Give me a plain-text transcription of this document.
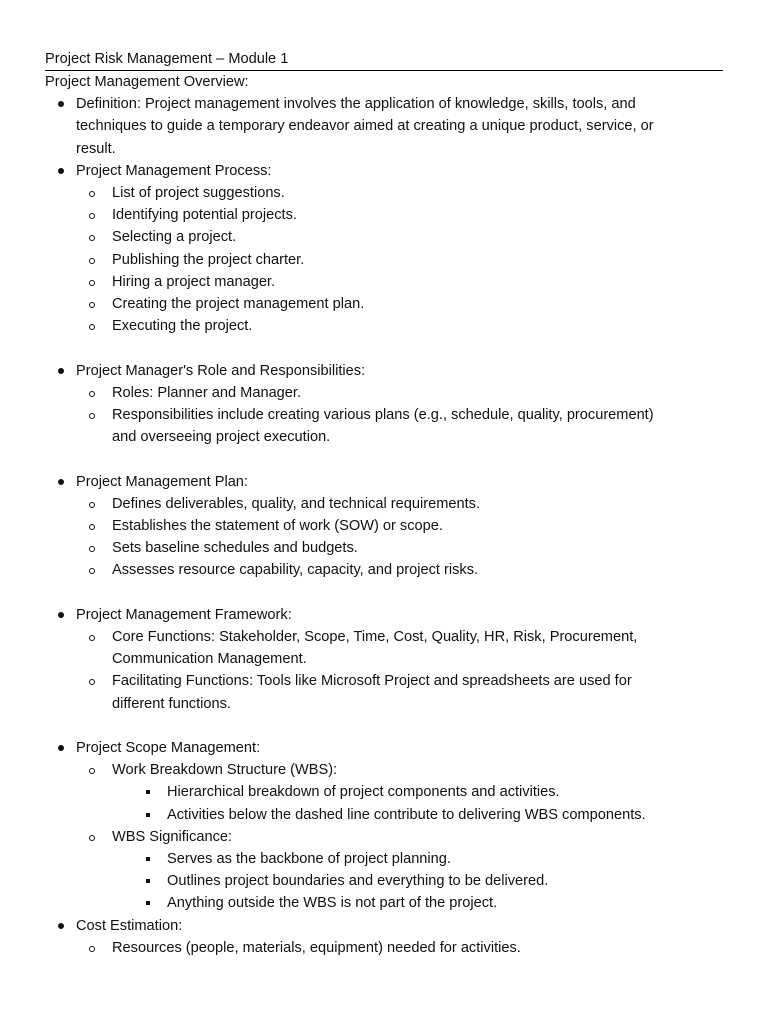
Project Risk Management – Module 1
Project Management Overview:
Definition: Project management involves the application of knowledge, skills, tools, and
techniques to guide a temporary endeavor aimed at creating a unique product, service, or
result.
Project Management Process:
List of project suggestions.
Identifying potential projects.
Selecting a project.
Publishing the project charter.
Hiring a project manager.
Creating the project management plan.
Executing the project.
Project Manager's Role and Responsibilities:
Roles: Planner and Manager.
Responsibilities include creating various plans (e.g., schedule, quality, procurement)
and overseeing project execution.
Project Management Plan:
Defines deliverables, quality, and technical requirements.
Establishes the statement of work (SOW) or scope.
Sets baseline schedules and budgets.
Assesses resource capability, capacity, and project risks.
Project Management Framework:
Core Functions: Stakeholder, Scope, Time, Cost, Quality, HR, Risk, Procurement,
Communication Management.
Facilitating Functions: Tools like Microsoft Project and spreadsheets are used for
different functions.
Project Scope Management:
Work Breakdown Structure (WBS):
Hierarchical breakdown of project components and activities.
Activities below the dashed line contribute to delivering WBS components.
WBS Significance:
Serves as the backbone of project planning.
Outlines project boundaries and everything to be delivered.
Anything outside the WBS is not part of the project.
Cost Estimation:
Resources (people, materials, equipment) needed for activities.
